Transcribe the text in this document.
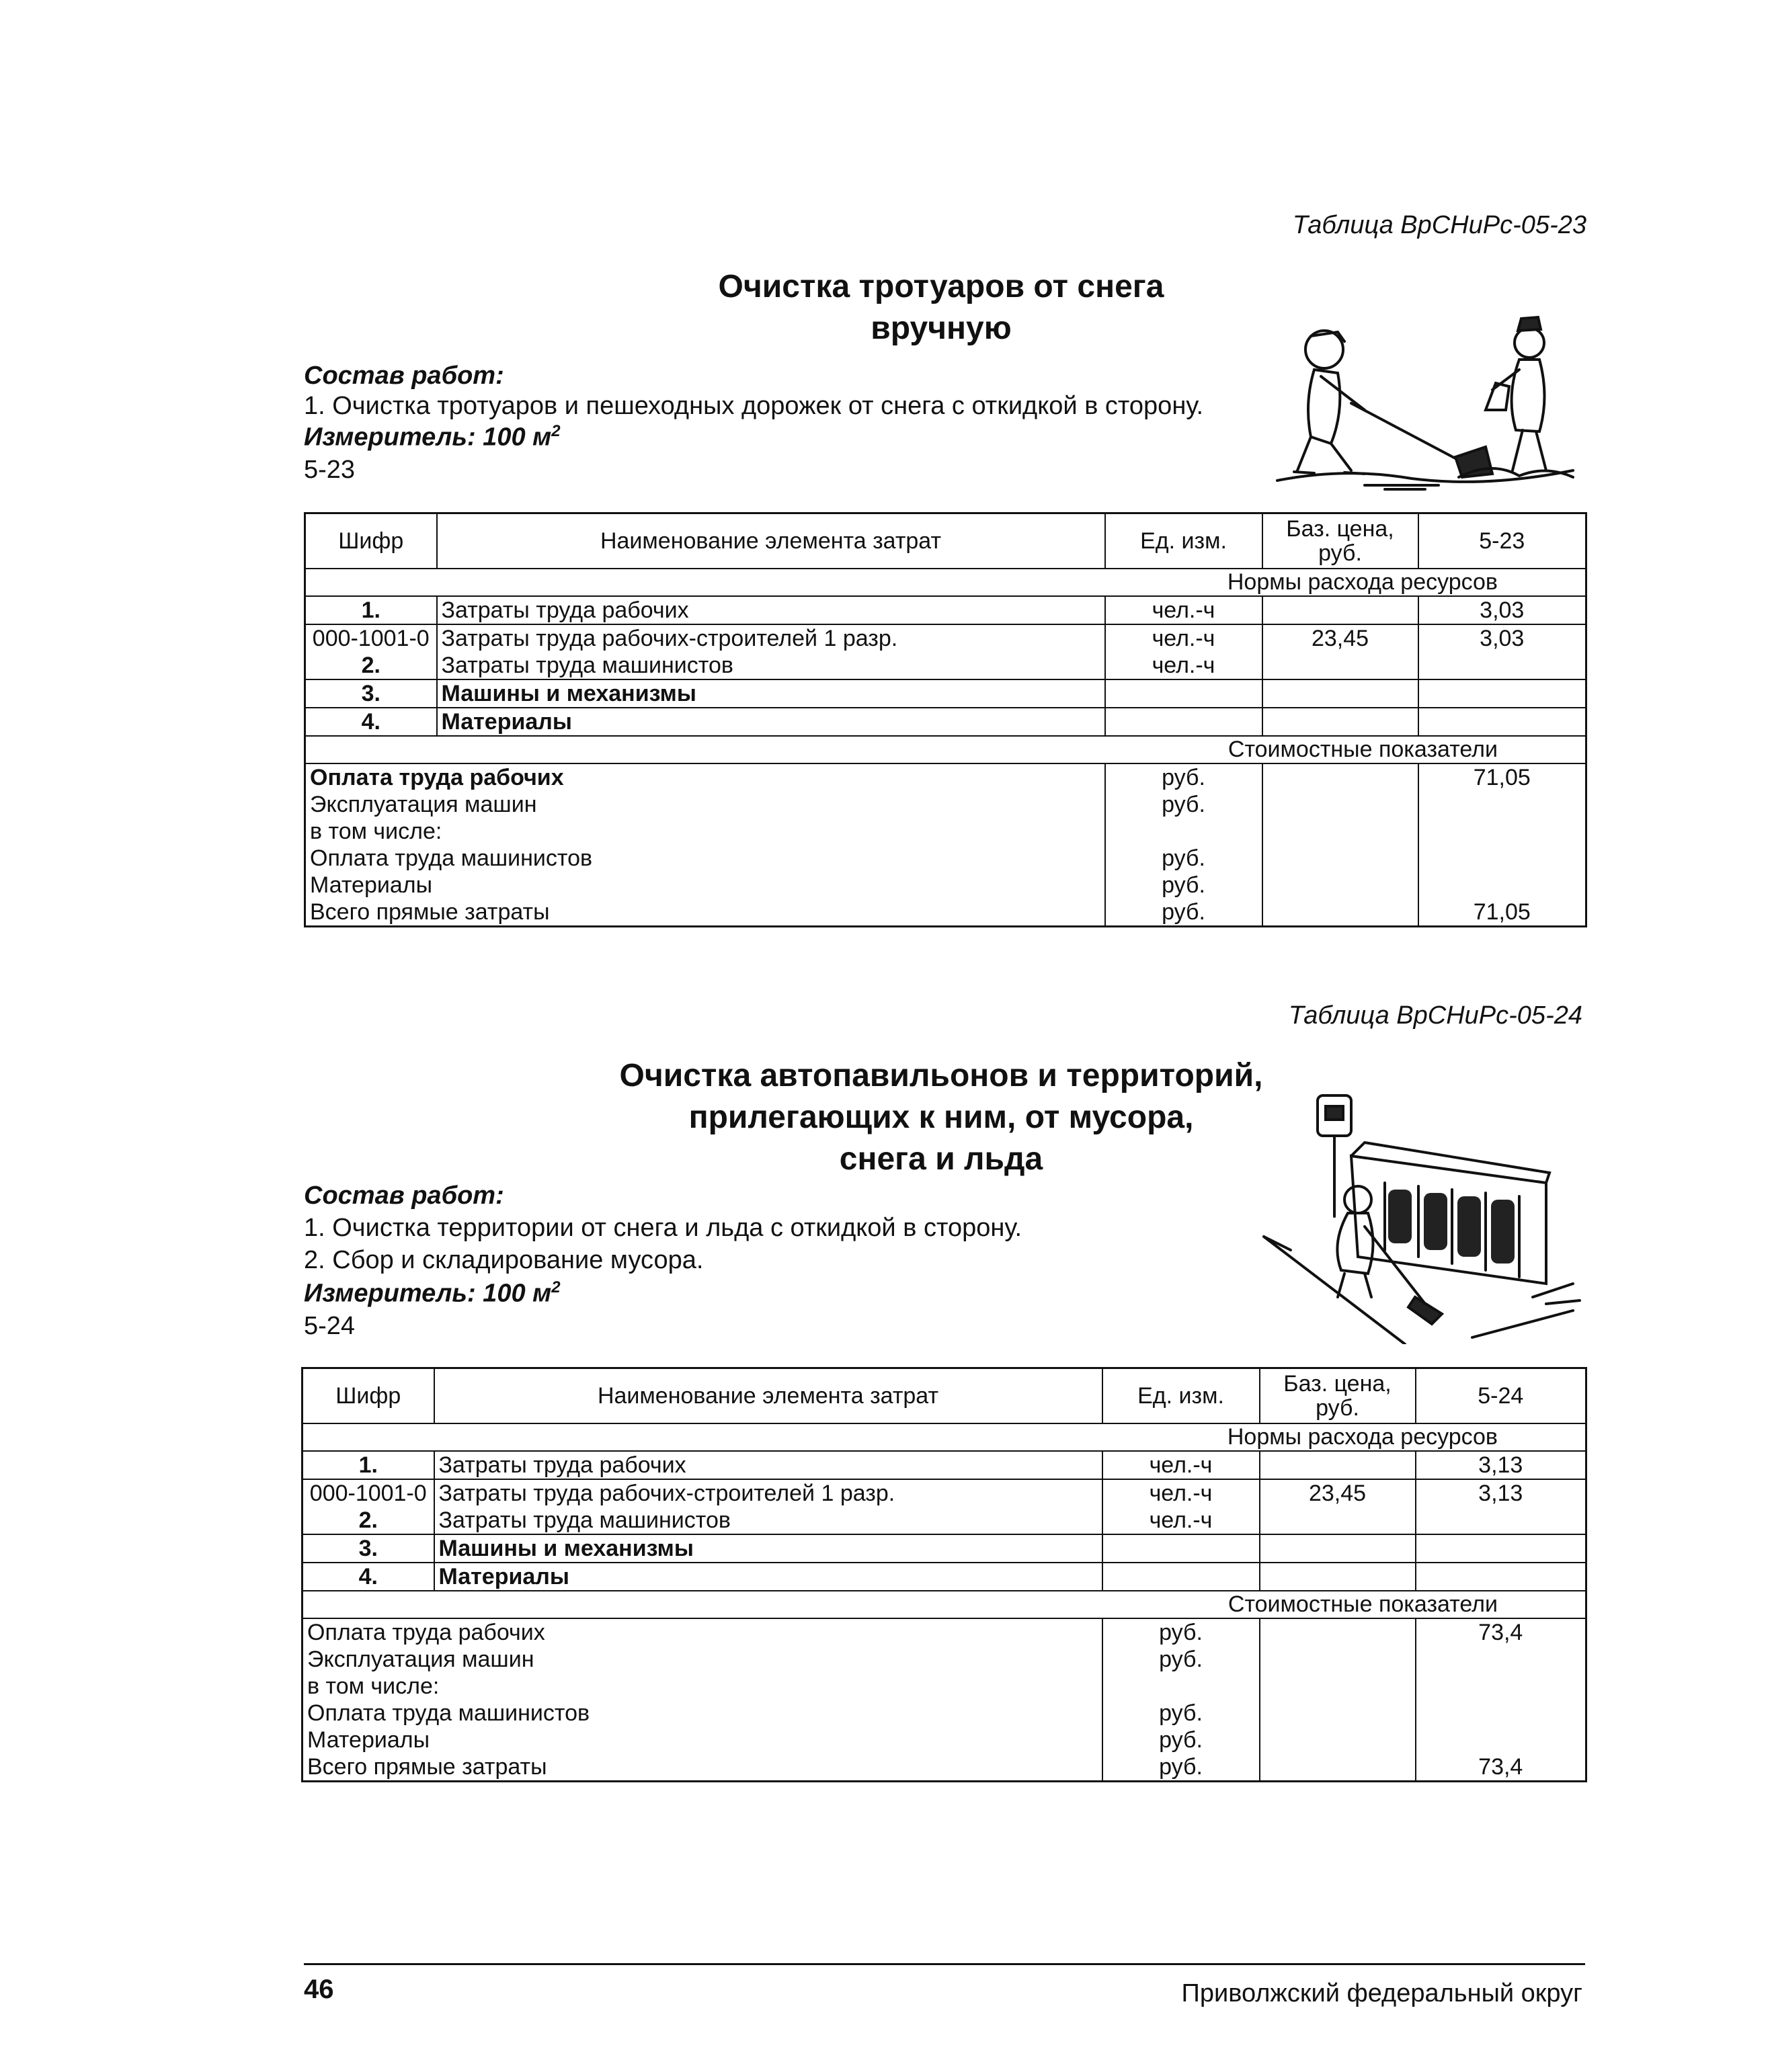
Таблица ВрСНиРс-05-23
Очистка тротуаров от снега
вручную
Состав работ:
1. Очистка тротуаров и пешеходных дорожек от снега с откидкой в сторону.
Измеритель: 100 $м^2$
5-23
Шифр	Наименование элемента затрат	Ед. изм.	Баз. цена, руб.	5-23
Нормы расхода ресурсов				
1.	Затраты труда рабочих	чел.-ч		3,03
000-1001-0	Затраты труда рабочих-строителей 1 разр.	чел.-ч	23,45	3,03
2.	Затраты труда машинистов	чел.-ч		
3.	Машины и механизмы			
4.	Материалы			
Стоимостные показатели				
Оплата труда рабочих		руб.		71,05
Эксплуатация машин		руб.		
в том числе:				
Оплата труда машинистов		руб.		
Материалы		руб.		
Всего прямые затраты		руб.		71,05
Таблица ВрСНиРс-05-24
Очистка автопавильонов и территорий,
прилегающих к ним, от мусора,
снега и льда
Состав работ:
1. Очистка территории от снега и льда с откидкой в сторону.
2. Сбор и складирование мусора.
Измеритель: 100 $м^2$
5-24
Шифр	Наименование элемента затрат	Ед. изм.	Баз. цена, руб.	5-24
Нормы расхода ресурсов				
1.	Затраты труда рабочих	чел.-ч		3,13
000-1001-0	Затраты труда рабочих-строителей 1 разр.	чел.-ч	23,45	3,13
2.	Затраты труда машинистов	чел.-ч		
3.	Машины и механизмы			
4.	Материалы			
Стоимостные показатели				
Оплата труда рабочих		руб.		73,4
Эксплуатация машин		руб.		
в том числе:				
Оплата труда машинистов		руб.		
Материалы		руб.		
Всего прямые затраты		руб.		73,4
46	Приволжский федеральный округ
